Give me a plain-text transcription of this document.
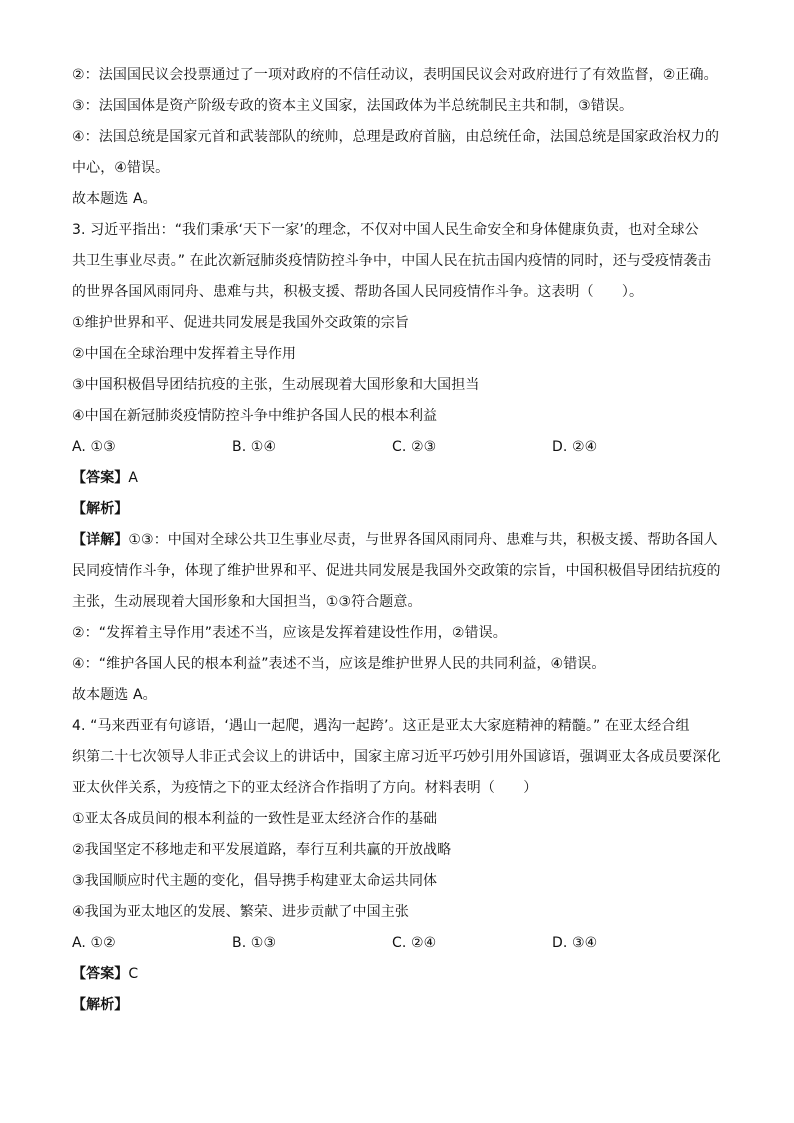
②：法国国民议会投票通过了一项对政府的不信任动议，表明国民议会对政府进行了有效监督，②正确。
③：法国国体是资产阶级专政的资本主义国家，法国政体为半总统制民主共和制，③错误。
④：法国总统是国家元首和武装部队的统帅，总理是政府首脑，由总统任命，法国总统是国家政治权力的
中心，④错误。
故本题选 A。
3. 习近平指出：“我们秉承‘天下一家’的理念，不仅对中国人民生命安全和身体健康负责，也对全球公
共卫生事业尽责。” 在此次新冠肺炎疫情防控斗争中，中国人民在抗击国内疫情的同时，还与受疫情袭击
的世界各国风雨同舟、患难与共，积极支援、帮助各国人民同疫情作斗争。这表明（　　）。
①维护世界和平、促进共同发展是我国外交政策的宗旨
②中国在全球治理中发挥着主导作用
③中国积极倡导团结抗疫的主张，生动展现着大国形象和大国担当
④中国在新冠肺炎疫情防控斗争中维护各国人民的根本利益
A. ①③	B. ①④	C. ②③	D. ②④
【答案】A
【解析】
【详解】①③：中国对全球公共卫生事业尽责，与世界各国风雨同舟、患难与共，积极支援、帮助各国人
民同疫情作斗争，体现了维护世界和平、促进共同发展是我国外交政策的宗旨，中国积极倡导团结抗疫的
主张，生动展现着大国形象和大国担当，①③符合题意。
②：“发挥着主导作用”表述不当，应该是发挥着建设性作用，②错误。
④：“维护各国人民的根本利益”表述不当，应该是维护世界人民的共同利益，④错误。
故本题选 A。
4. “马来西亚有句谚语，‘遇山一起爬，遇沟一起跨’。这正是亚太大家庭精神的精髓。” 在亚太经合组
织第二十七次领导人非正式会议上的讲话中，国家主席习近平巧妙引用外国谚语，强调亚太各成员要深化
亚太伙伴关系，为疫情之下的亚太经济合作指明了方向。材料表明（　　）
①亚太各成员间的根本利益的一致性是亚太经济合作的基础
②我国坚定不移地走和平发展道路，奉行互利共赢的开放战略
③我国顺应时代主题的变化，倡导携手构建亚太命运共同体
④我国为亚太地区的发展、繁荣、进步贡献了中国主张
A. ①②	B. ①③	C. ②④	D. ③④
【答案】C
【解析】
